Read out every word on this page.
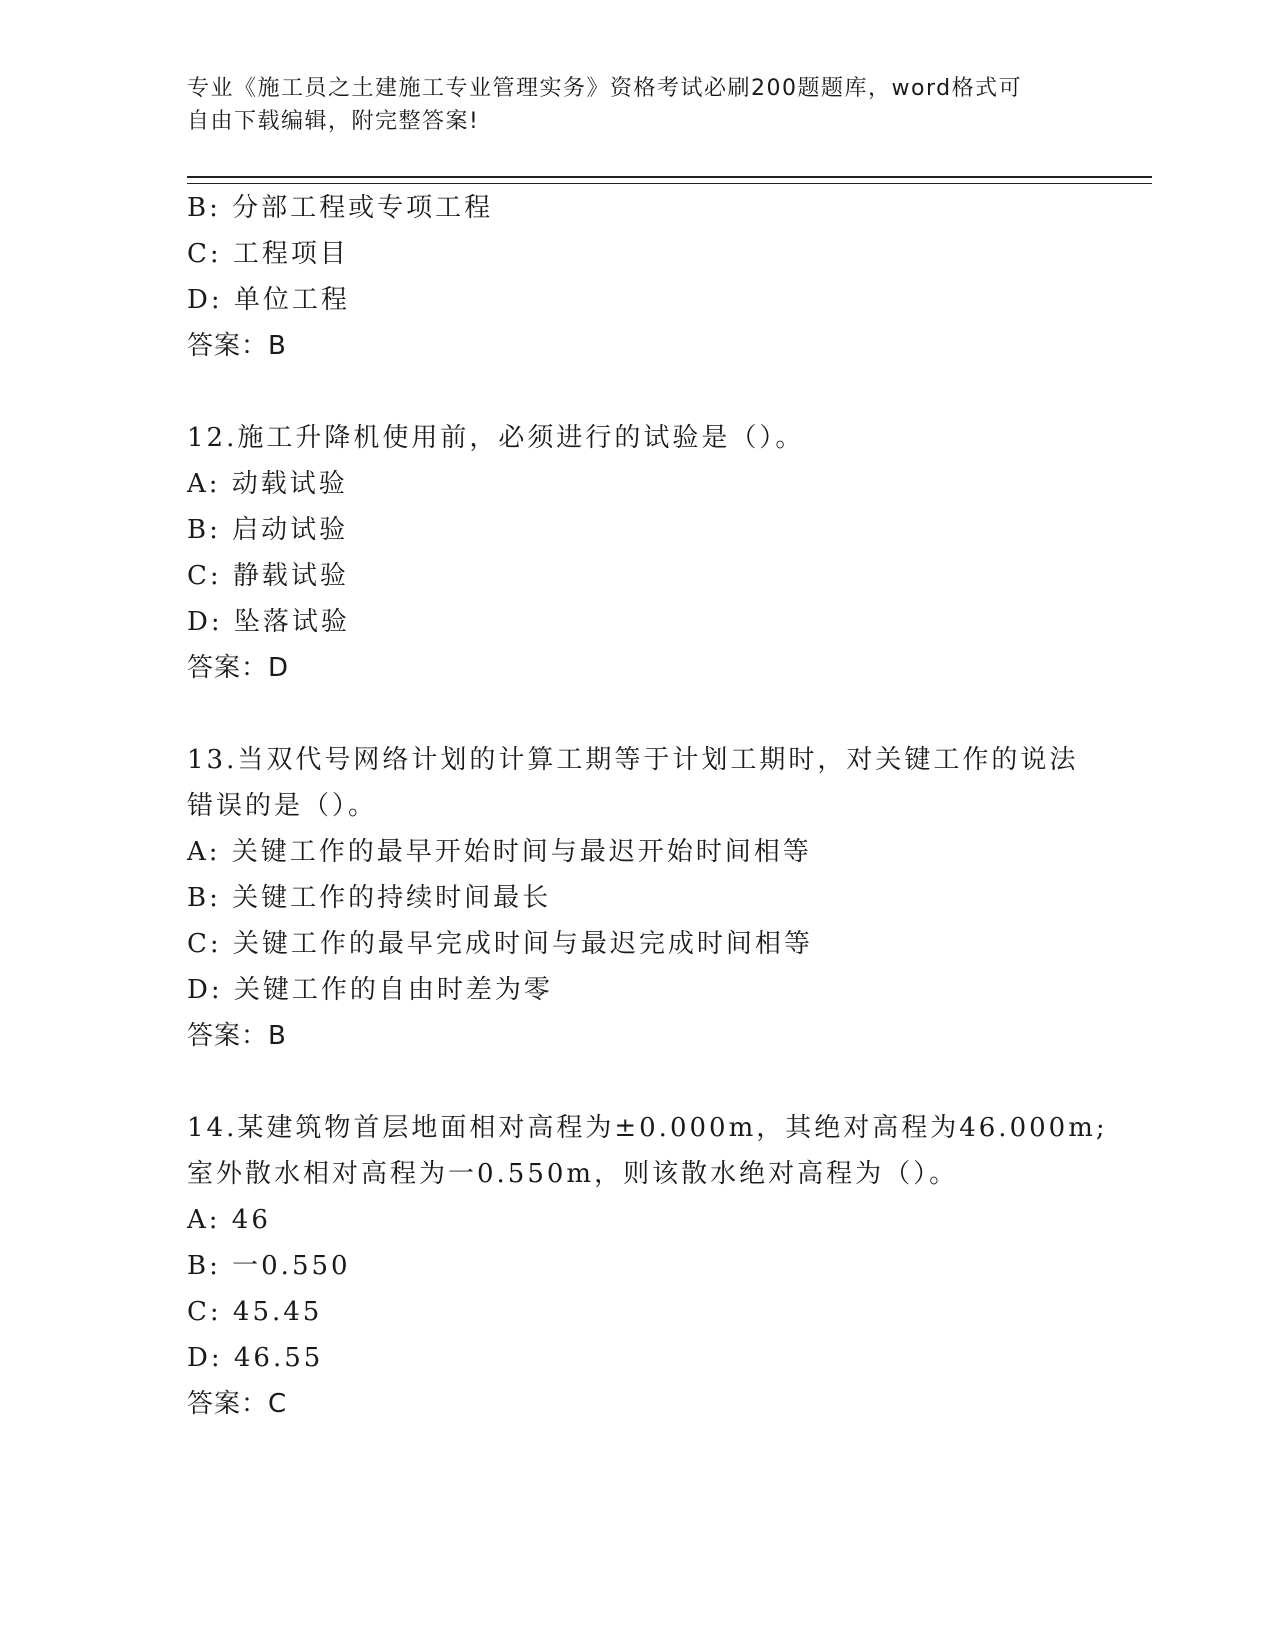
专业《施工员之土建施工专业管理实务》资格考试必刷200题题库，word格式可
自由下载编辑，附完整答案!
B: 分部工程或专项工程
C: 工程项目
D: 单位工程
答案：B
12.施工升降机使用前，必须进行的试验是（）。
A: 动载试验
B: 启动试验
C: 静载试验
D: 坠落试验
答案：D
13.当双代号网络计划的计算工期等于计划工期时，对关键工作的说法
错误的是（）。
A: 关键工作的最早开始时间与最迟开始时间相等
B: 关键工作的持续时间最长
C: 关键工作的最早完成时间与最迟完成时间相等
D: 关键工作的自由时差为零
答案：B
14.某建筑物首层地面相对高程为±0.000m，其绝对高程为46.000m;
室外散水相对高程为一0.550m，则该散水绝对高程为（）。
A: 46
B: 一0.550
C: 45.45
D: 46.55
答案：C
